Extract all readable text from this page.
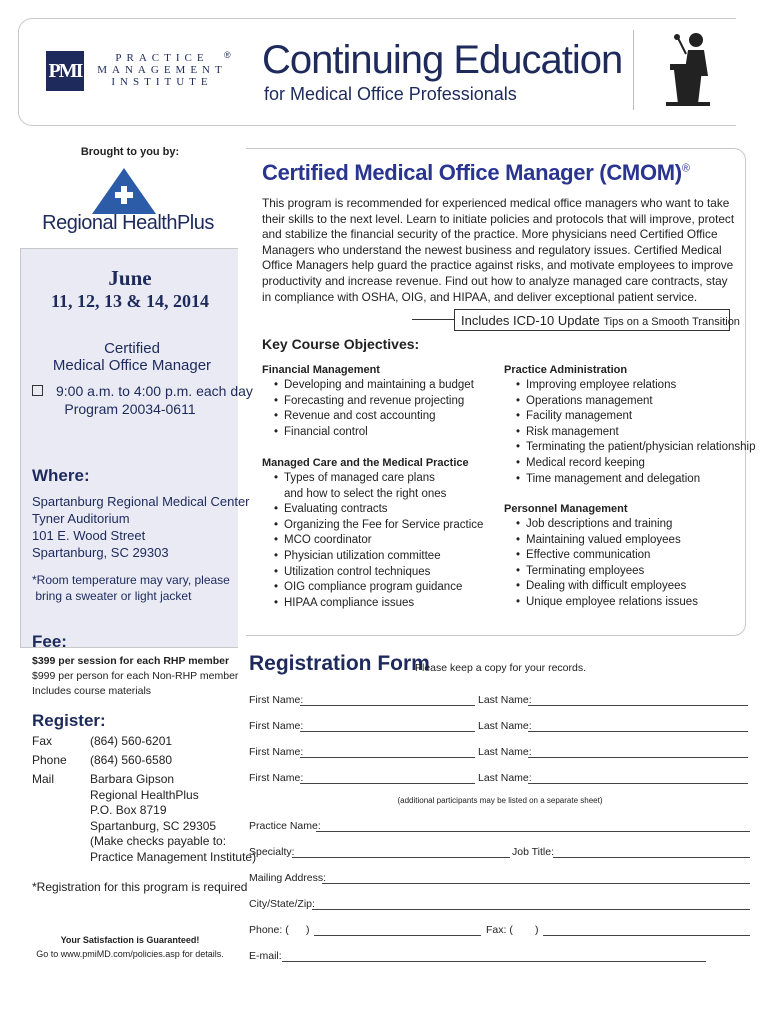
PMI
PRACTICE
MANAGEMENT
INSTITUTE
® Continuing Education
for Medical Office Professionals
Brought to you by:
Regional HealthPlus
June
11, 12, 13 & 14, 2014
Certified
Medical Office Manager
9:00 a.m. to 4:00 p.m. each day
Program 20034-0611
Where:
Spartanburg Regional Medical Center
Tyner Auditorium
101 E. Wood Street
Spartanburg, SC 29303
*Room temperature may vary, please
bring a sweater or light jacket
Fee:
$399 per session for each RHP member
$999 per person for each Non-RHP member
Includes course materials
Register:
Fax	(864) 560-6201
Phone (864) 560-6580
Mail	Barbara Gipson
Regional HealthPlus
P.O. Box 8719
Spartanburg, SC 29305
(Make checks payable to:
Practice Management Institute)
*Registration for this program is required
Your Satisfaction is Guaranteed!
Go to www.pmiMD.com/policies.asp for details.
Certified Medical Office Manager (CMOM)®
This program is recommended for experienced medical office managers who want to take their skills to the next level. Learn to initiate policies and protocols that will improve, protect and stabilize the financial security of the practice. More physicians need Certified Office Managers who understand the newest business and regulatory issues. Certified Medical Office Managers help guard the practice against risks, and motivate employees to improve productivity and increase revenue. Find out how to analyze managed care contracts, stay in compliance with OSHA, OIG, and HIPAA, and deliver exceptional patient service.
Includes ICD-10 Update Tips on a Smooth Transition
Key Course Objectives:
Financial Management
• Developing and maintaining a budget
• Forecasting and revenue projecting
• Revenue and cost accounting
• Financial control
Managed Care and the Medical Practice
• Types of managed care plans
and how to select the right ones
• Evaluating contracts
• Organizing the Fee for Service practice
• MCO coordinator
• Physician utilization committee
• Utilization control techniques
• OIG compliance program guidance
• HIPAA compliance issues
Practice Administration
• Improving employee relations
• Operations management
• Facility management
• Risk management
• Terminating the patient/physician relationship
• Medical record keeping
• Time management and delegation
Personnel Management
• Job descriptions and training
• Maintaining valued employees
• Effective communication
• Terminating employees
• Dealing with difficult employees
• Unique employee relations issues
Registration Form
Please keep a copy for your records.
First Name:	Last Name:
First Name:	Last Name:
First Name:	Last Name:
First Name:	Last Name:
(additional participants may be listed on a separate sheet)
Practice Name:
Specialty:	Job Title:
Mailing Address:
City/State/Zip:
Phone: ( )	Fax: ( )
E-mail:
